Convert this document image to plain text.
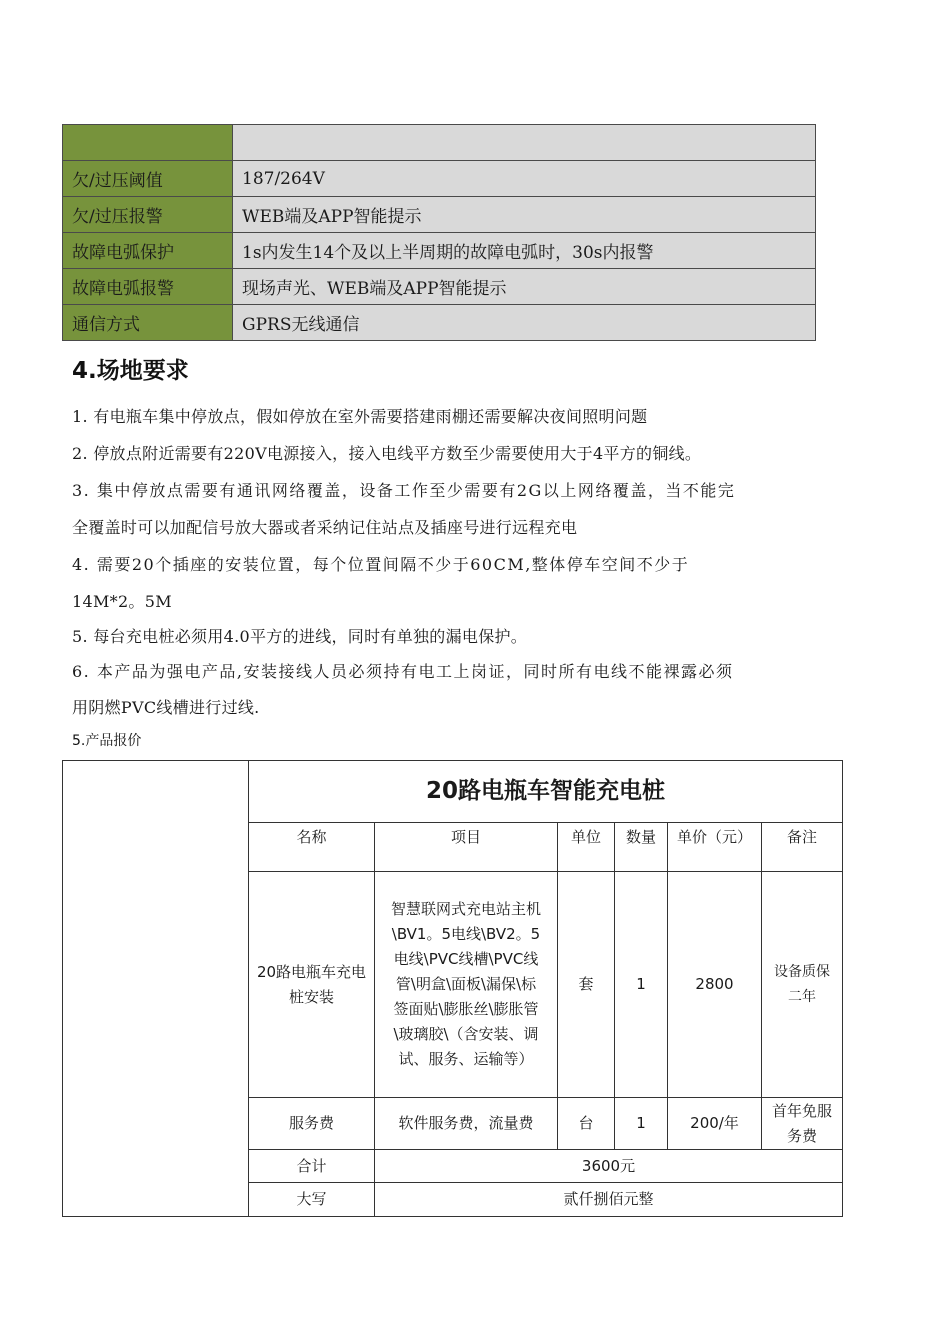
欠/过压阈值	187/264V
欠/过压报警	WEB端及APP智能提示
故障电弧保护	1s内发生14个及以上半周期的故障电弧时，30s内报警
故障电弧报警	现场声光、WEB端及APP智能提示
通信方式	GPRS无线通信
4.场地要求
1. 有电瓶车集中停放点，假如停放在室外需要搭建雨棚还需要解决夜间照明问题
2. 停放点附近需要有220V电源接入，接入电线平方数至少需要使用大于4平方的铜线。
3. 集中停放点需要有通讯网络覆盖，设备工作至少需要有2G以上网络覆盖，当不能完
全覆盖时可以加配信号放大器或者采纳记住站点及插座号进行远程充电
4. 需要20个插座的安装位置，每个位置间隔不少于60CM,整体停车空间不少于
14M*2。5M
5. 每台充电桩必须用4.0平方的进线，同时有单独的漏电保护。
6. 本产品为强电产品,安装接线人员必须持有电工上岗证，同时所有电线不能裸露必须
用阴燃PVC线槽进行过线.

5.产品报价

	20路电瓶车智能充电桩					
	名称	项目	单位	数量	单价（元）	备注
	20路电瓶车充电桩安装	智慧联网式充电站主机\BV1。5电线\BV2。5电线\PVC线槽\PVC线管\明盒\面板\漏保\标签面贴\膨胀丝\膨胀管\玻璃胶\（含安装、调试、服务、运输等）	套	1	2800	设备质保二年
	服务费	软件服务费，流量费	台	1	200/年	首年免服务费
	合计	3600元				
	大写	贰仟捌佰元整				
